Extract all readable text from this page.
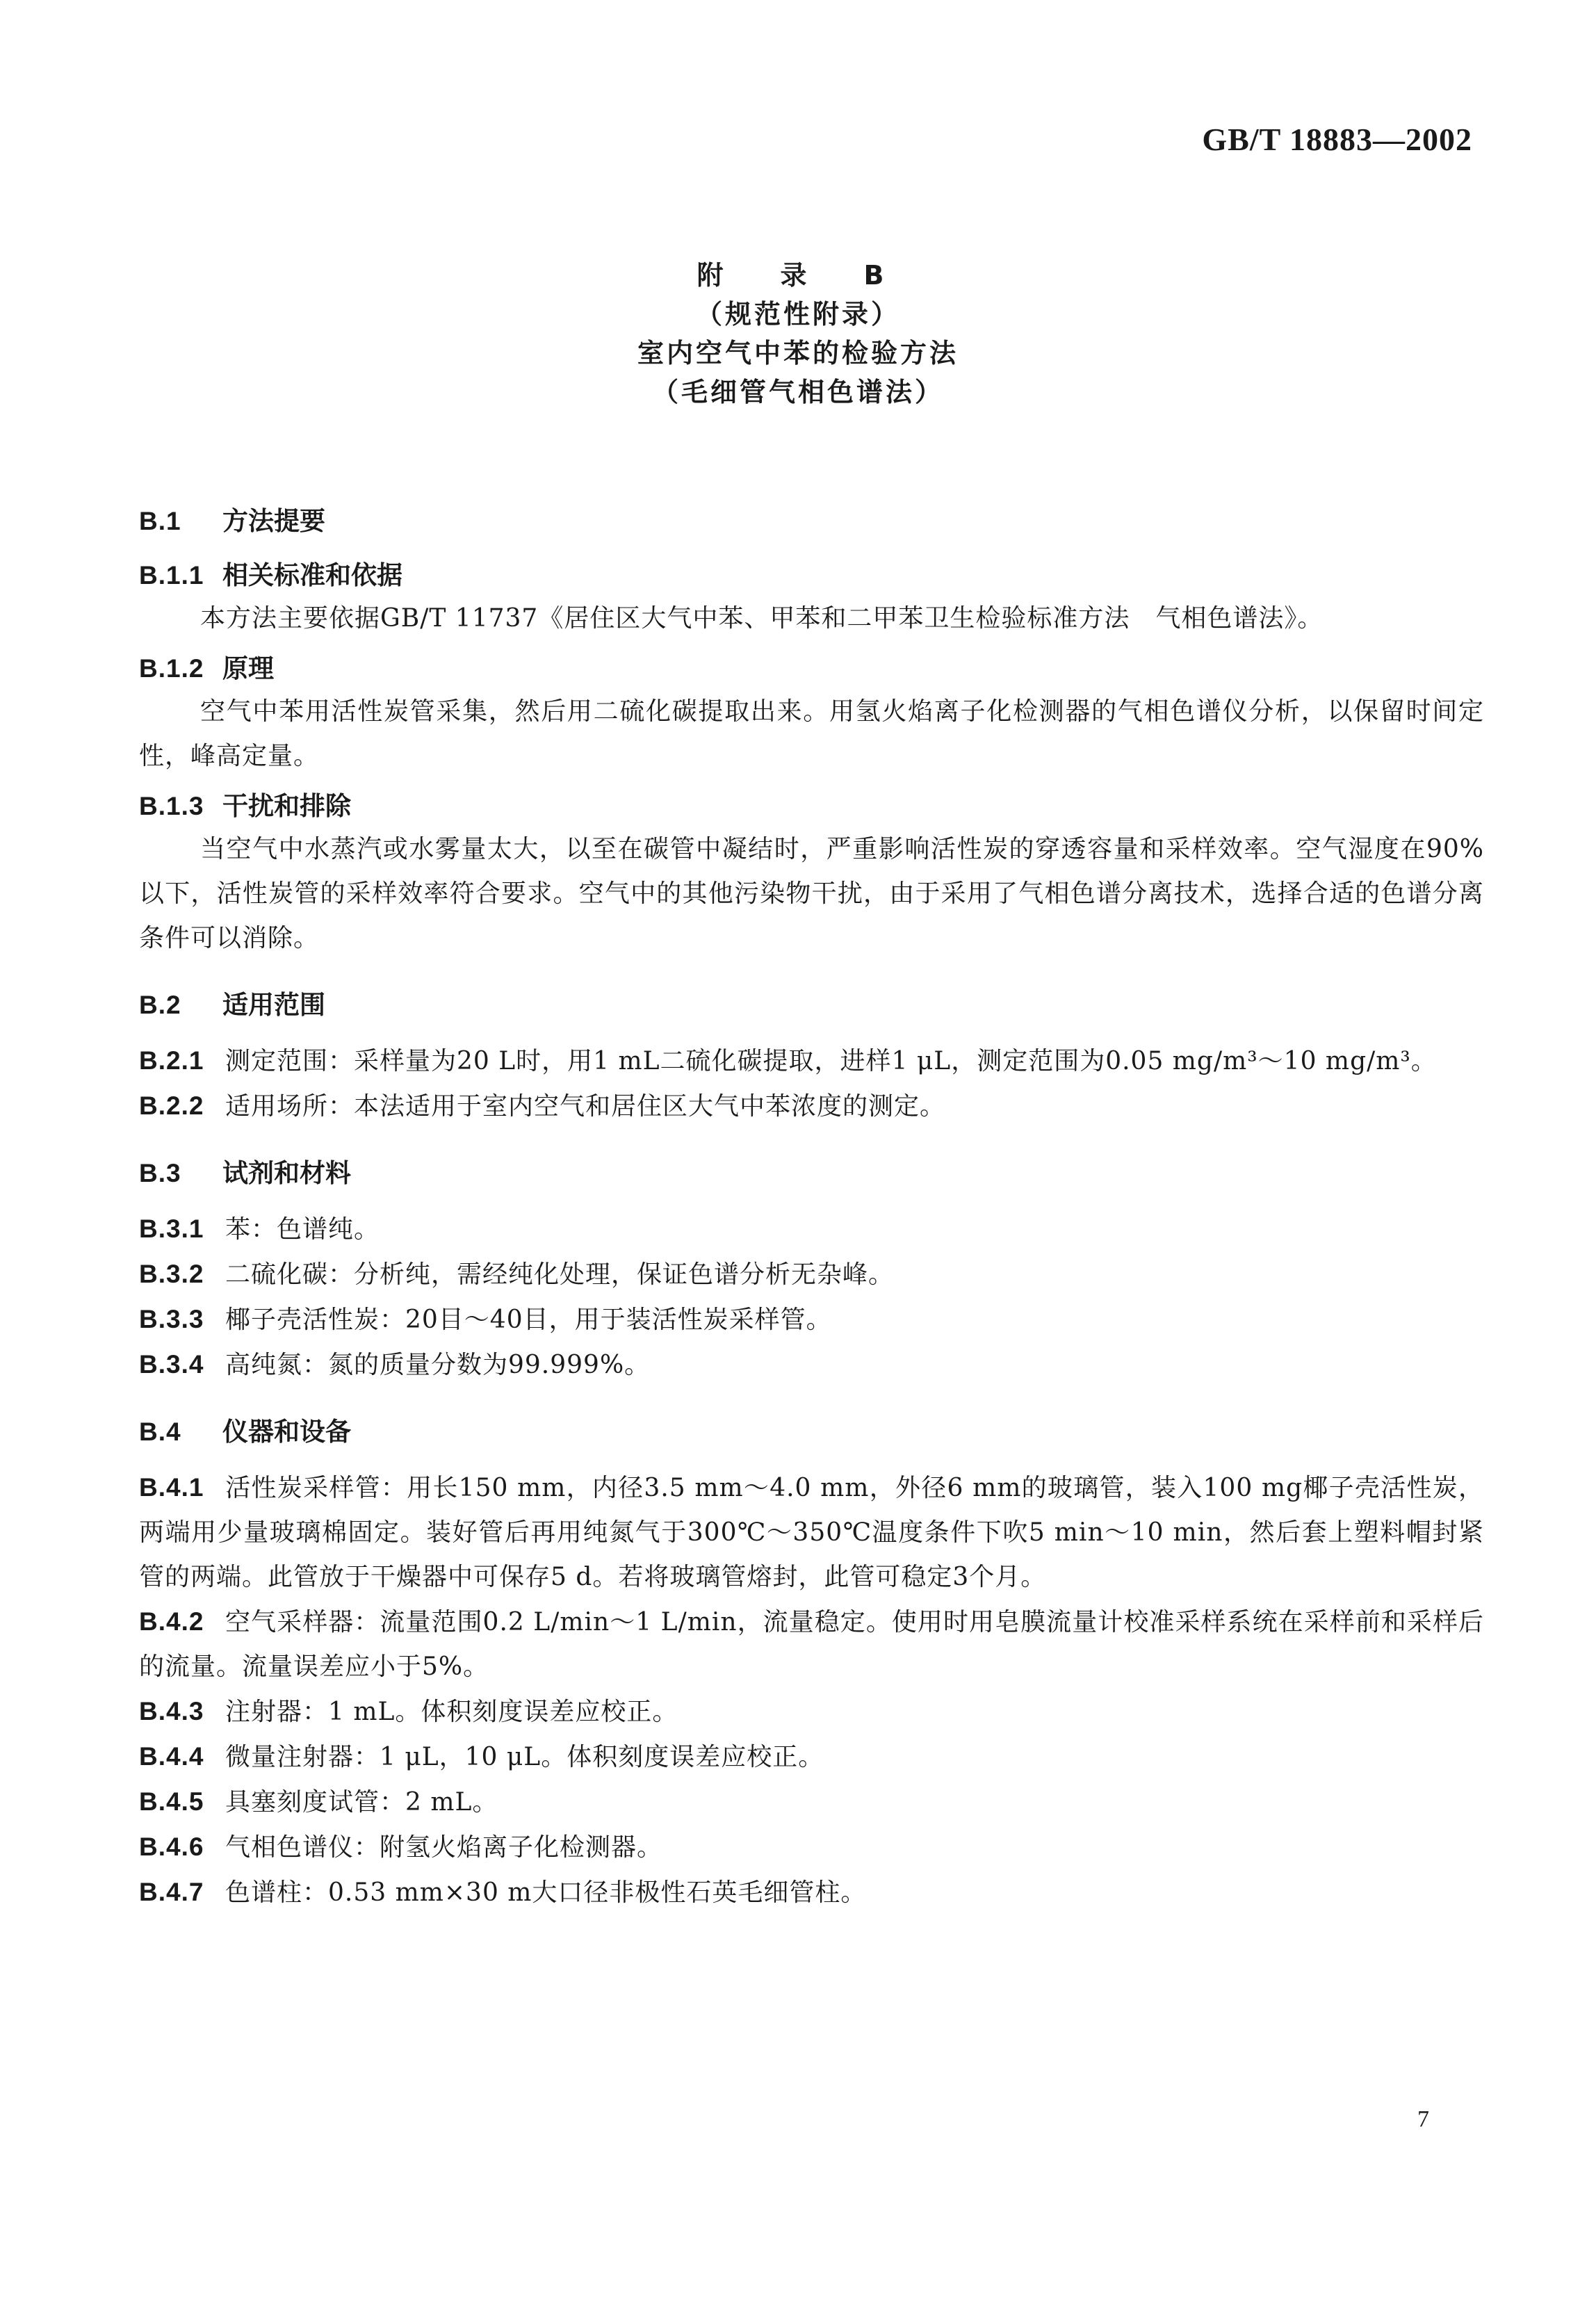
GB/T 18883—2002
附　录　B
（规范性附录）
室内空气中苯的检验方法
（毛细管气相色谱法）
B.1 方法提要
B.1.1 相关标准和依据
本方法主要依据GB/T 11737《居住区大气中苯、甲苯和二甲苯卫生检验标准方法　气相色谱法》。
B.1.2 原理
空气中苯用活性炭管采集，然后用二硫化碳提取出来。用氢火焰离子化检测器的气相色谱仪分析，以保留时间定性，峰高定量。
B.1.3 干扰和排除
当空气中水蒸汽或水雾量太大，以至在碳管中凝结时，严重影响活性炭的穿透容量和采样效率。空气湿度在90%以下，活性炭管的采样效率符合要求。空气中的其他污染物干扰，由于采用了气相色谱分离技术，选择合适的色谱分离条件可以消除。
B.2 适用范围
B.2.1 测定范围：采样量为20 L时，用1 mL二硫化碳提取，进样1 μL，测定范围为0.05 mg/m³～10 mg/m³。
B.2.2 适用场所：本法适用于室内空气和居住区大气中苯浓度的测定。
B.3 试剂和材料
B.3.1 苯：色谱纯。
B.3.2 二硫化碳：分析纯，需经纯化处理，保证色谱分析无杂峰。
B.3.3 椰子壳活性炭：20目～40目，用于装活性炭采样管。
B.3.4 高纯氮：氮的质量分数为99.999%。
B.4 仪器和设备
B.4.1 活性炭采样管：用长150 mm，内径3.5 mm～4.0 mm，外径6 mm的玻璃管，装入100 mg椰子壳活性炭，两端用少量玻璃棉固定。装好管后再用纯氮气于300℃～350℃温度条件下吹5 min～10 min，然后套上塑料帽封紧管的两端。此管放于干燥器中可保存5 d。若将玻璃管熔封，此管可稳定3个月。
B.4.2 空气采样器：流量范围0.2 L/min～1 L/min，流量稳定。使用时用皂膜流量计校准采样系统在采样前和采样后的流量。流量误差应小于5%。
B.4.3 注射器：1 mL。体积刻度误差应校正。
B.4.4 微量注射器：1 μL，10 μL。体积刻度误差应校正。
B.4.5 具塞刻度试管：2 mL。
B.4.6 气相色谱仪：附氢火焰离子化检测器。
B.4.7 色谱柱：0.53 mm×30 m大口径非极性石英毛细管柱。
7
